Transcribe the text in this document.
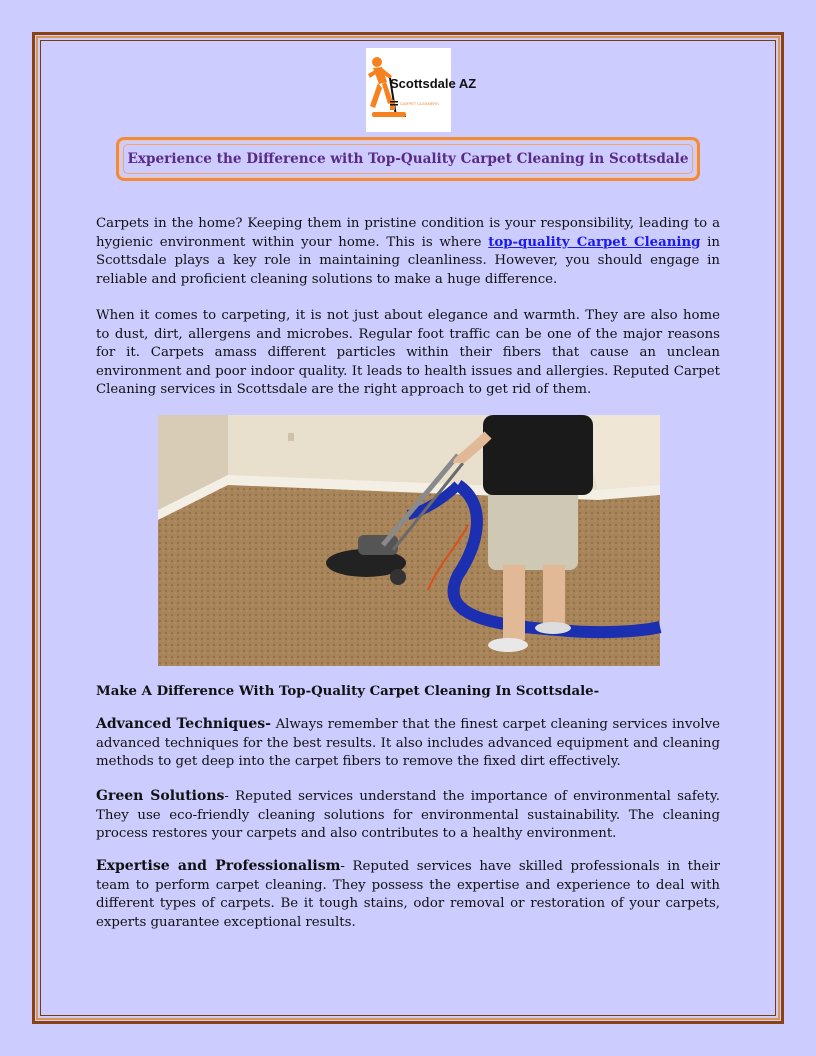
Scottsdale AZ
CARPET CLEANERS
Experience the Difference with Top-Quality Carpet Cleaning in Scottsdale

Carpets in the home? Keeping them in pristine condition is your responsibility, leading to a hygienic environment within your home. This is where top-quality Carpet Cleaning in Scottsdale plays a key role in maintaining cleanliness. However, you should engage in reliable and proficient cleaning solutions to make a huge difference.

When it comes to carpeting, it is not just about elegance and warmth. They are also home to dust, dirt, allergens and microbes. Regular foot traffic can be one of the major reasons for it. Carpets amass different particles within their fibers that cause an unclean environment and poor indoor quality. It leads to health issues and allergies. Reputed Carpet Cleaning services in Scottsdale are the right approach to get rid of them.

Make A Difference With Top-Quality Carpet Cleaning In Scottsdale-

Advanced Techniques- Always remember that the finest carpet cleaning services involve advanced techniques for the best results. It also includes advanced equipment and cleaning methods to get deep into the carpet fibers to remove the fixed dirt effectively.

Green Solutions- Reputed services understand the importance of environmental safety. They use eco-friendly cleaning solutions for environmental sustainability. The cleaning process restores your carpets and also contributes to a healthy environment.

Expertise and Professionalism- Reputed services have skilled professionals in their team to perform carpet cleaning. They possess the expertise and experience to deal with different types of carpets. Be it tough stains, odor removal or restoration of your carpets, experts guarantee exceptional results.
